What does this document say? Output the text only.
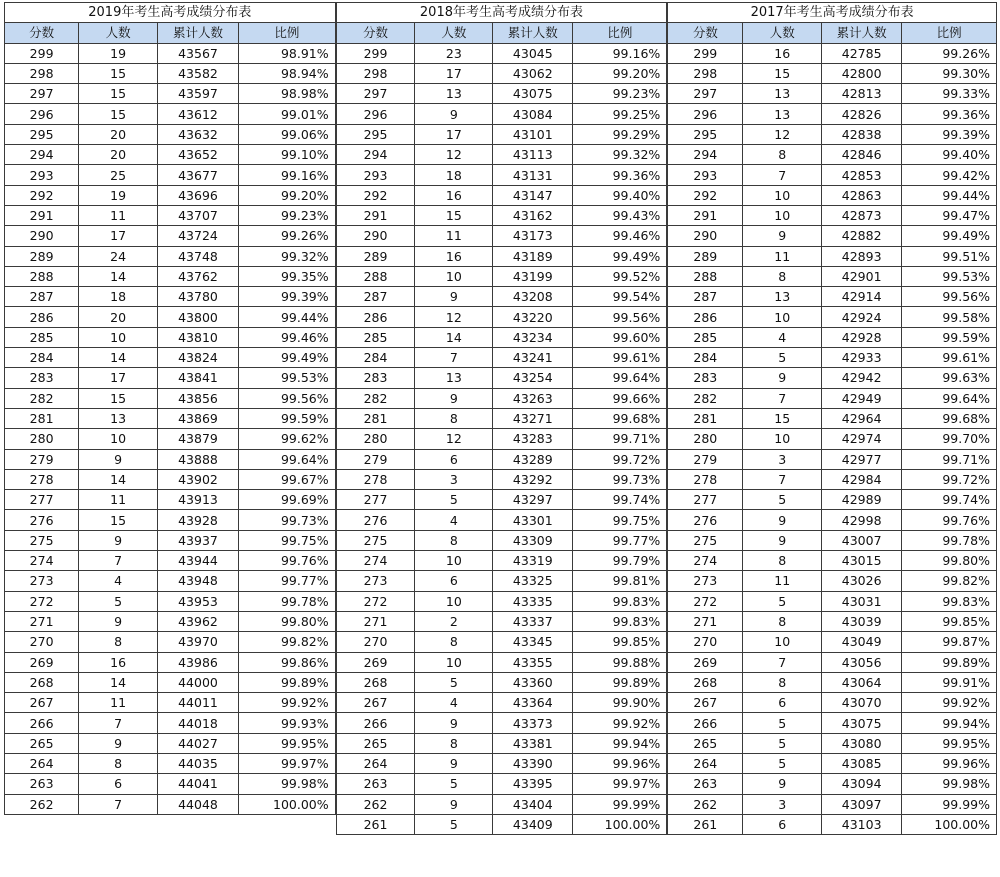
2019年考生高考成绩分布表			
分数	人数	累计人数	比例
299	19	43567	98.91%
298	15	43582	98.94%
297	15	43597	98.98%
296	15	43612	99.01%
295	20	43632	99.06%
294	20	43652	99.10%
293	25	43677	99.16%
292	19	43696	99.20%
291	11	43707	99.23%
290	17	43724	99.26%
289	24	43748	99.32%
288	14	43762	99.35%
287	18	43780	99.39%
286	20	43800	99.44%
285	10	43810	99.46%
284	14	43824	99.49%
283	17	43841	99.53%
282	15	43856	99.56%
281	13	43869	99.59%
280	10	43879	99.62%
279	9	43888	99.64%
278	14	43902	99.67%
277	11	43913	99.69%
276	15	43928	99.73%
275	9	43937	99.75%
274	7	43944	99.76%
273	4	43948	99.77%
272	5	43953	99.78%
271	9	43962	99.80%
270	8	43970	99.82%
269	16	43986	99.86%
268	14	44000	99.89%
267	11	44011	99.92%
266	7	44018	99.93%
265	9	44027	99.95%
264	8	44035	99.97%
263	6	44041	99.98%
262	7	44048	100.00%
2018年考生高考成绩分布表			
分数	人数	累计人数	比例
299	23	43045	99.16%
298	17	43062	99.20%
297	13	43075	99.23%
296	9	43084	99.25%
295	17	43101	99.29%
294	12	43113	99.32%
293	18	43131	99.36%
292	16	43147	99.40%
291	15	43162	99.43%
290	11	43173	99.46%
289	16	43189	99.49%
288	10	43199	99.52%
287	9	43208	99.54%
286	12	43220	99.56%
285	14	43234	99.60%
284	7	43241	99.61%
283	13	43254	99.64%
282	9	43263	99.66%
281	8	43271	99.68%
280	12	43283	99.71%
279	6	43289	99.72%
278	3	43292	99.73%
277	5	43297	99.74%
276	4	43301	99.75%
275	8	43309	99.77%
274	10	43319	99.79%
273	6	43325	99.81%
272	10	43335	99.83%
271	2	43337	99.83%
270	8	43345	99.85%
269	10	43355	99.88%
268	5	43360	99.89%
267	4	43364	99.90%
266	9	43373	99.92%
265	8	43381	99.94%
264	9	43390	99.96%
263	5	43395	99.97%
262	9	43404	99.99%
261	5	43409	100.00%
2017年考生高考成绩分布表			
分数	人数	累计人数	比例
299	16	42785	99.26%
298	15	42800	99.30%
297	13	42813	99.33%
296	13	42826	99.36%
295	12	42838	99.39%
294	8	42846	99.40%
293	7	42853	99.42%
292	10	42863	99.44%
291	10	42873	99.47%
290	9	42882	99.49%
289	11	42893	99.51%
288	8	42901	99.53%
287	13	42914	99.56%
286	10	42924	99.58%
285	4	42928	99.59%
284	5	42933	99.61%
283	9	42942	99.63%
282	7	42949	99.64%
281	15	42964	99.68%
280	10	42974	99.70%
279	3	42977	99.71%
278	7	42984	99.72%
277	5	42989	99.74%
276	9	42998	99.76%
275	9	43007	99.78%
274	8	43015	99.80%
273	11	43026	99.82%
272	5	43031	99.83%
271	8	43039	99.85%
270	10	43049	99.87%
269	7	43056	99.89%
268	8	43064	99.91%
267	6	43070	99.92%
266	5	43075	99.94%
265	5	43080	99.95%
264	5	43085	99.96%
263	9	43094	99.98%
262	3	43097	99.99%
261	6	43103	100.00%
